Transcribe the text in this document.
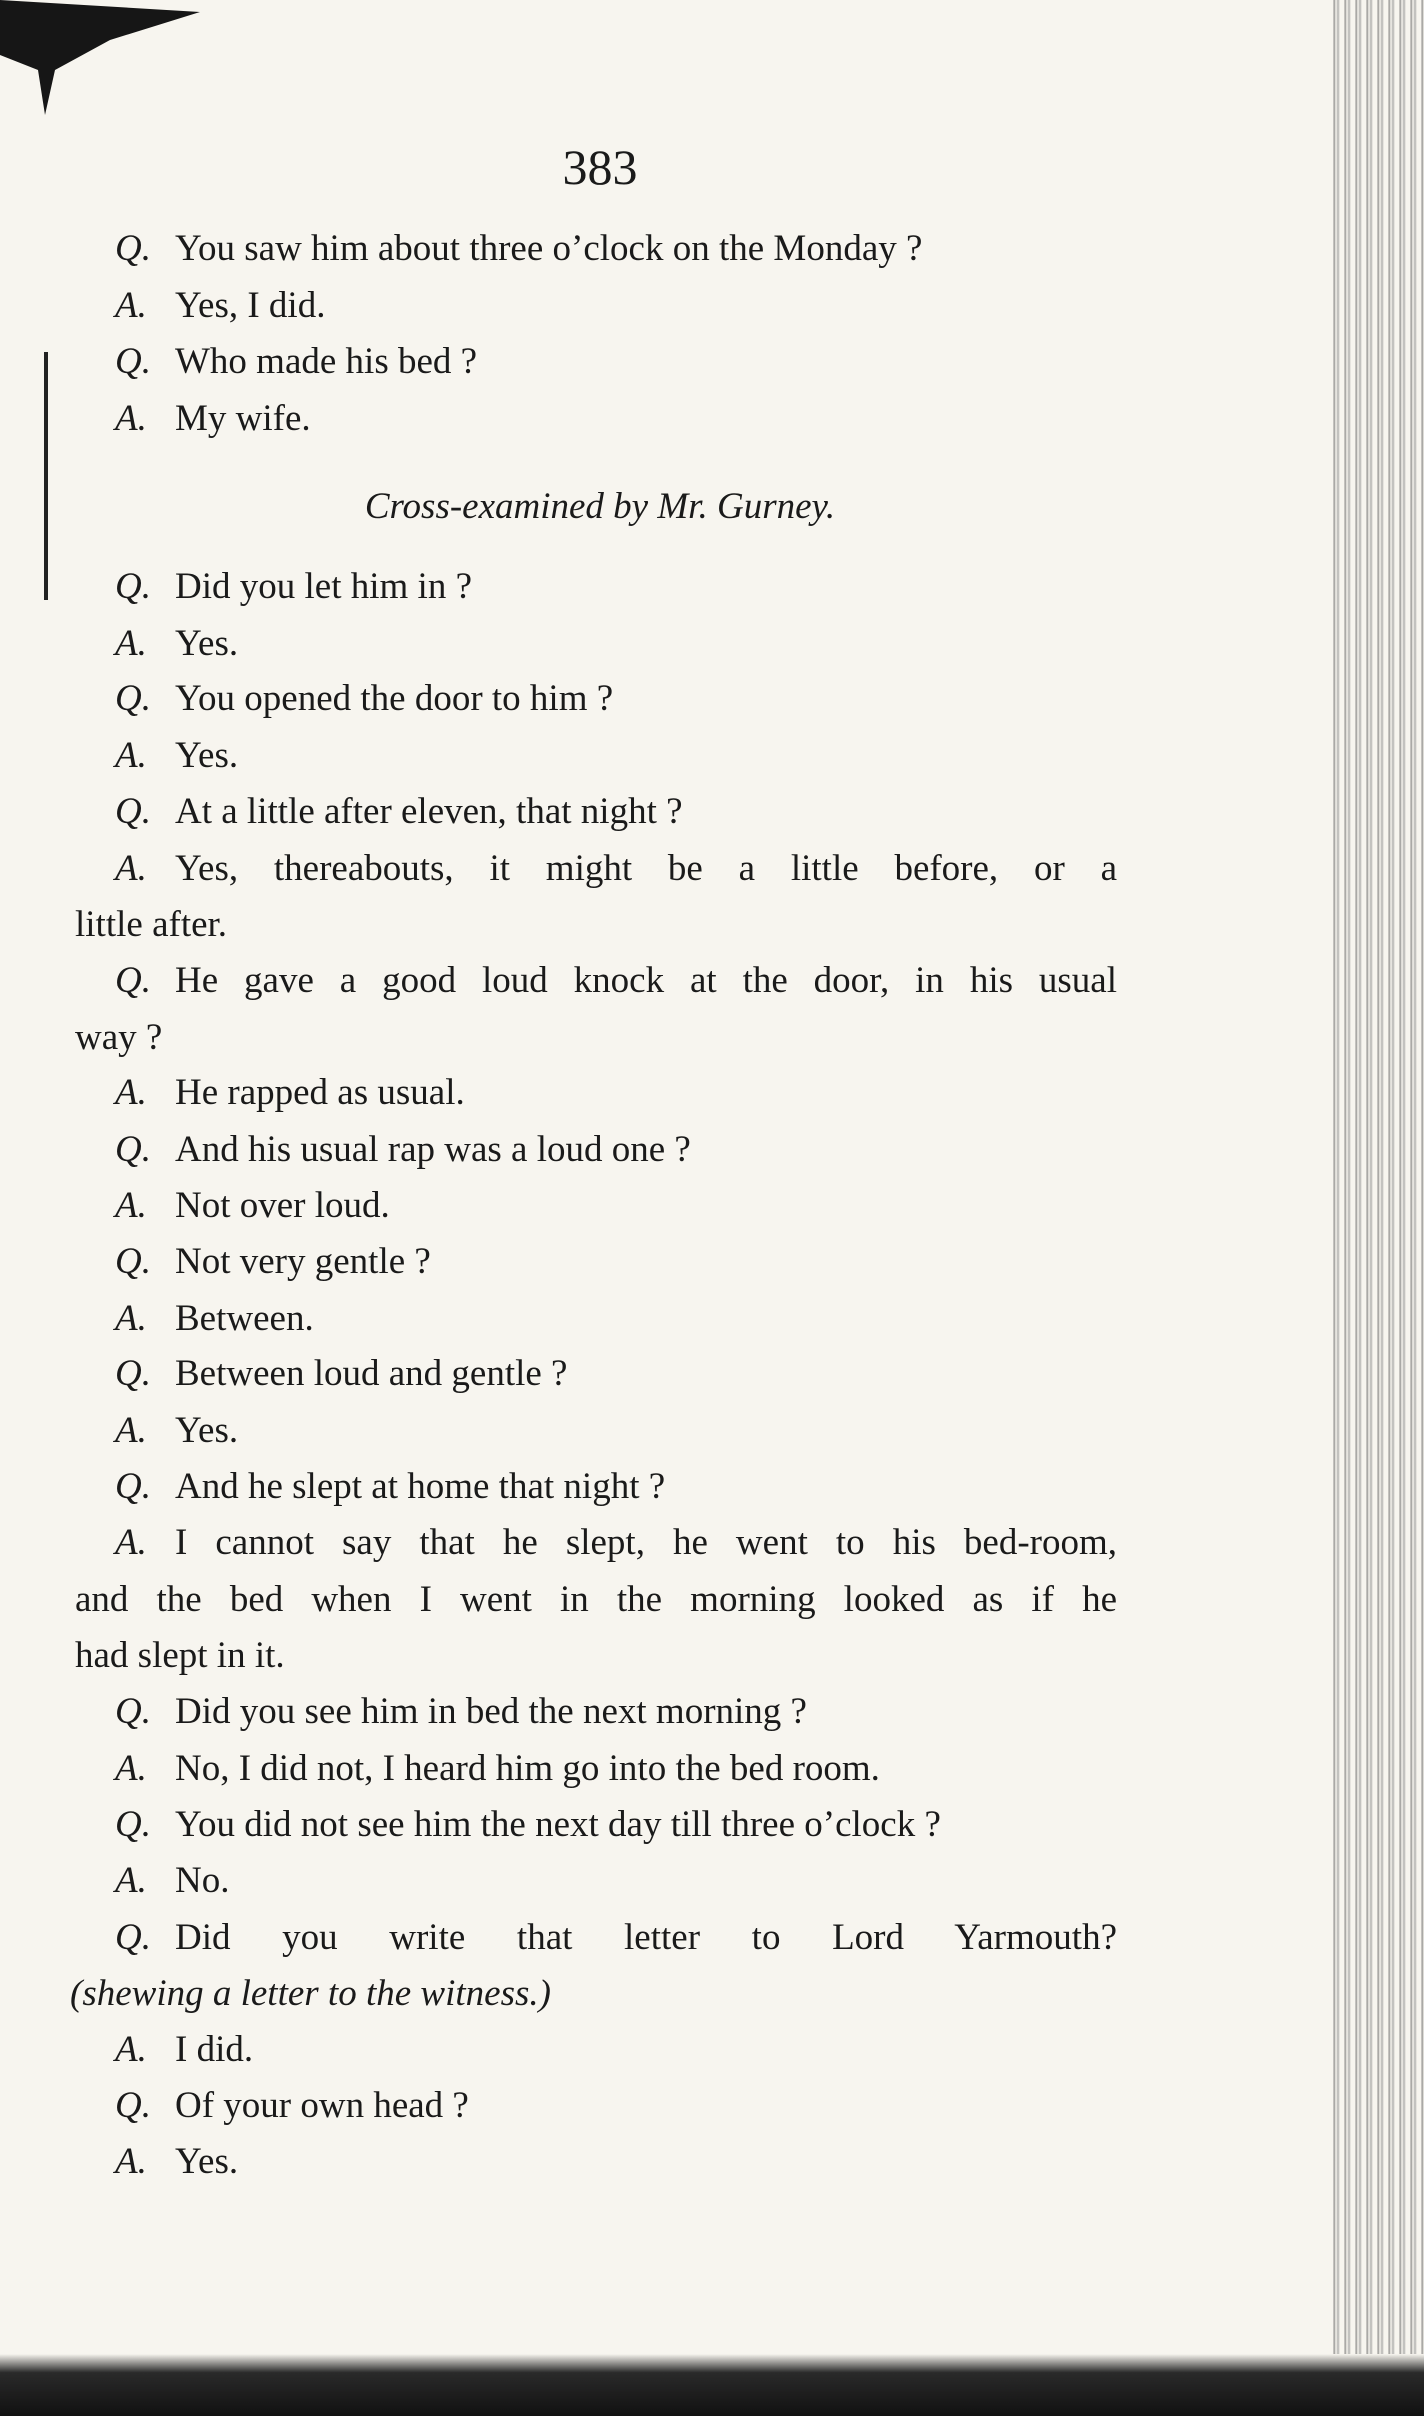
383
Q. You saw him about three o’clock on the Monday ?
A. Yes, I did.
Q. Who made his bed ?
A. My wife.
Cross-examined by Mr. Gurney.
Q. Did you let him in ?
A. Yes.
Q. You opened the door to him ?
A. Yes.
Q. At a little after eleven, that night ?
A. Yes, thereabouts, it might be a little before, or a
little after.
Q. He gave a good loud knock at the door, in his usual
way ?
A. He rapped as usual.
Q. And his usual rap was a loud one ?
A. Not over loud.
Q. Not very gentle ?
A. Between.
Q. Between loud and gentle ?
A. Yes.
Q. And he slept at home that night ?
A. I cannot say that he slept, he went to his bed-room,
and the bed when I went in the morning looked as if he
had slept in it.
Q. Did you see him in bed the next morning ?
A. No, I did not, I heard him go into the bed room.
Q. You did not see him the next day till three o’clock ?
A. No.
Q. Did you write that letter to Lord Yarmouth?
(shewing a letter to the witness.)
A. I did.
Q. Of your own head ?
A. Yes.
